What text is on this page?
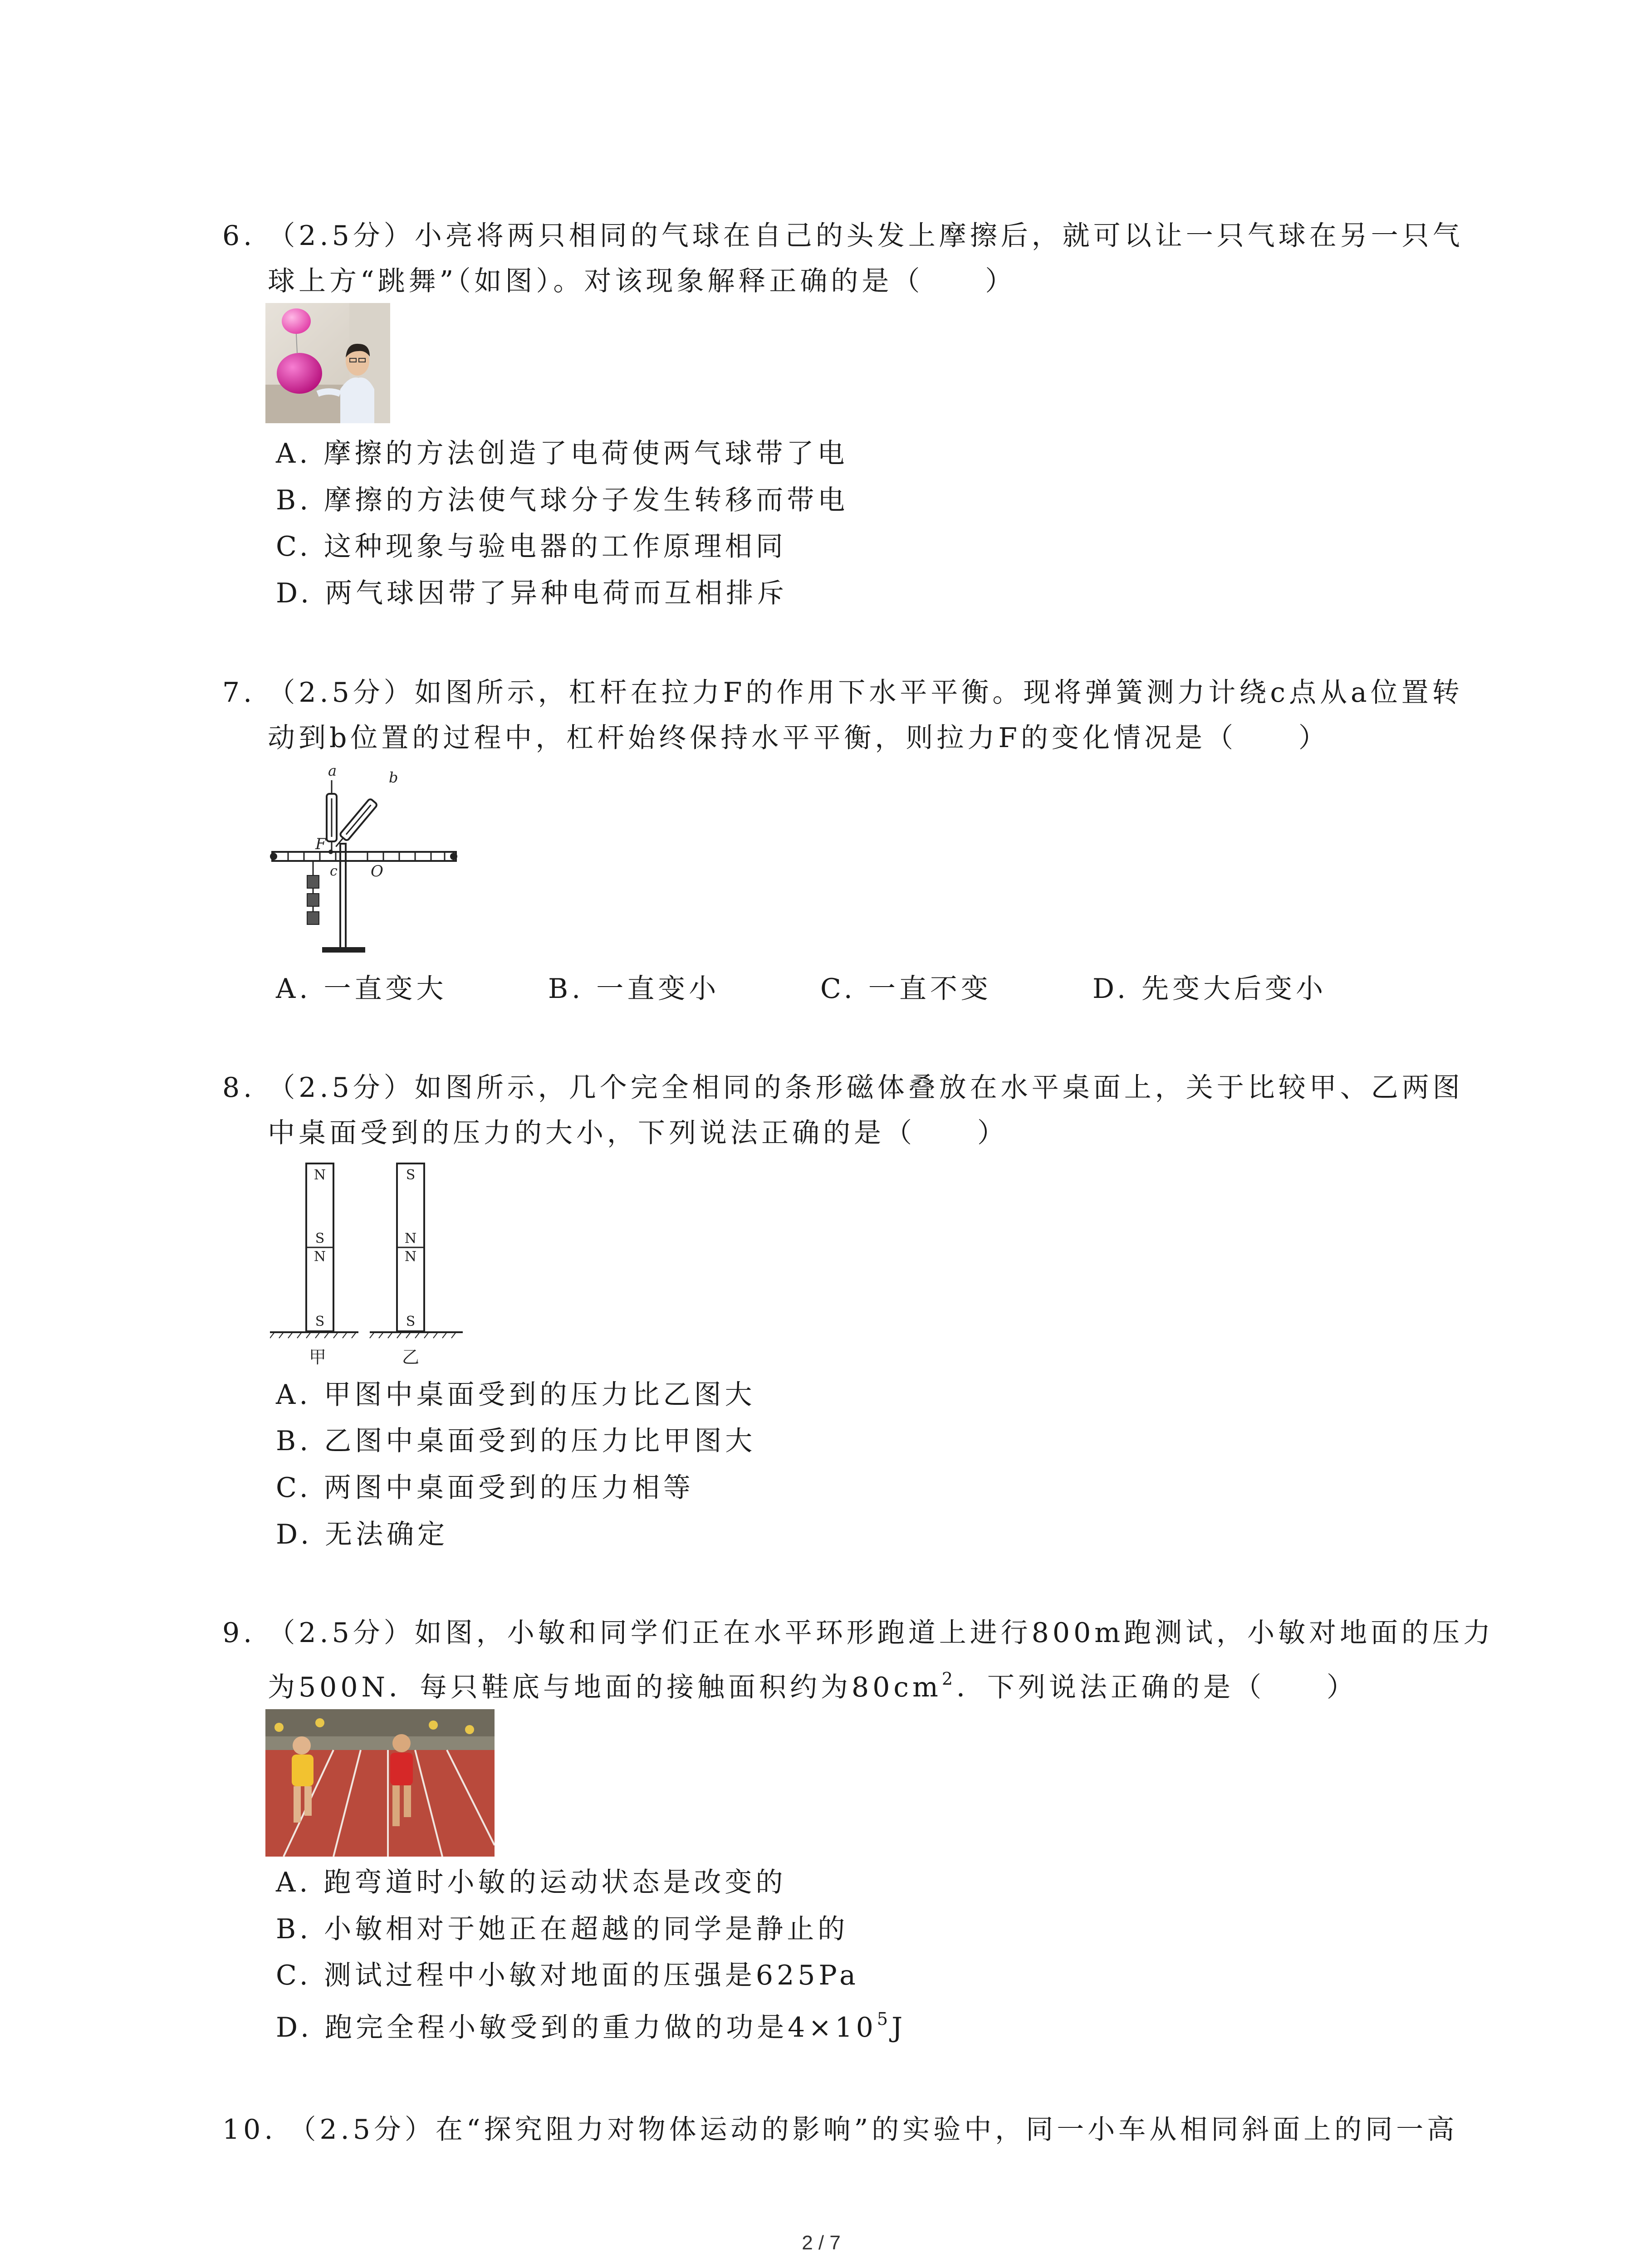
6. （2.5分）小亮将两只相同的气球在自己的头发上摩擦后，就可以让一只气球在另一只气
球上方“跳舞”（如图）。对该现象解释正确的是（　　）
A. 摩擦的方法创造了电荷使两气球带了电
B. 摩擦的方法使气球分子发生转移而带电
C. 这种现象与验电器的工作原理相同
D. 两气球因带了异种电荷而互相排斥
7. （2.5分）如图所示，杠杆在拉力F的作用下水平平衡。现将弹簧测力计绕c点从a位置转
动到b位置的过程中，杠杆始终保持水平平衡，则拉力F的变化情况是（　　）
a	b
F
c O
A. 一直变大	B. 一直变小	C. 一直不变	D. 先变大后变小
8. （2.5分）如图所示，几个完全相同的条形磁体叠放在水平桌面上，关于比较甲、乙两图
中桌面受到的压力的大小，下列说法正确的是（　　）
N
S
N
S
S
N
N
S
甲	乙
A. 甲图中桌面受到的压力比乙图大
B. 乙图中桌面受到的压力比甲图大
C. 两图中桌面受到的压力相等
D. 无法确定
9. （2.5分）如图，小敏和同学们正在水平环形跑道上进行800m跑测试，小敏对地面的压力
为500N．每只鞋底与地面的接触面积约为$80cm^2$．下列说法正确的是（　　）
A. 跑弯道时小敏的运动状态是改变的
B. 小敏相对于她正在超越的同学是静止的
C. 测试过程中小敏对地面的压强是625Pa
D. 跑完全程小敏受到的重力做的功是$4\times 10^5J$
10. （2.5分）在“探究阻力对物体运动的影响”的实验中，同一小车从相同斜面上的同一高
2 / 7
